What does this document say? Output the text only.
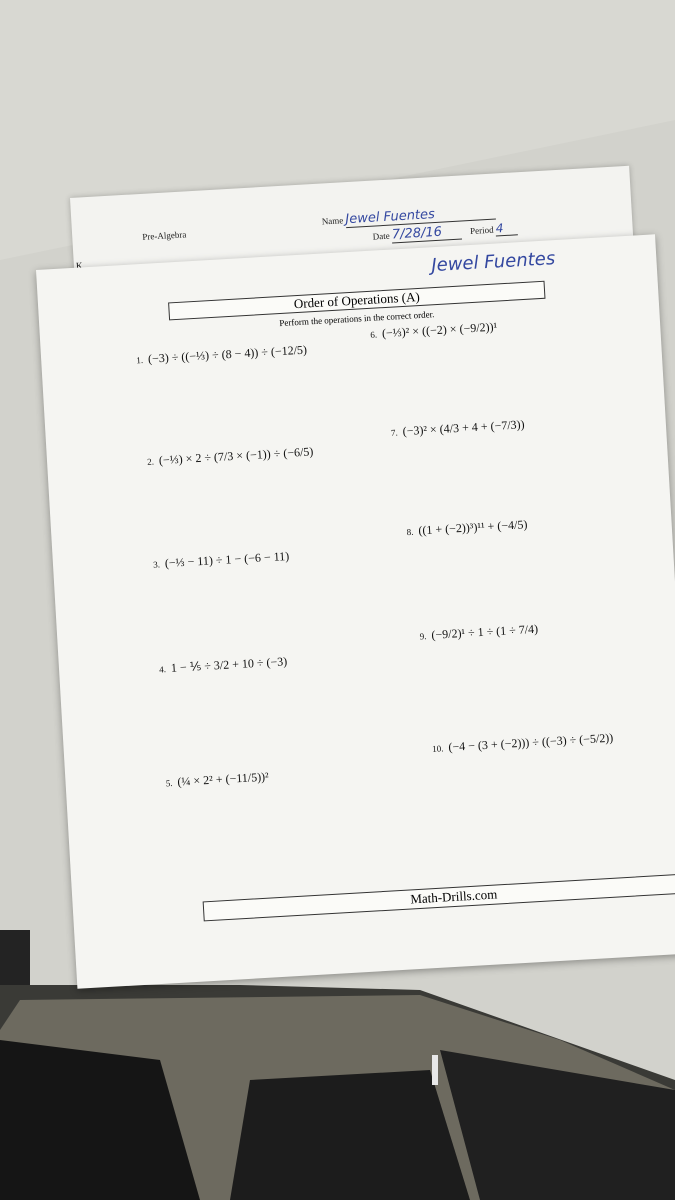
Pre-Algebra
Name Jewel Fuentes
Date 7/28/16	Period 4
K	Jewel Fuentes
Order of Operations (A)
Perform the operations in the correct order.
1. (−3) ÷ ((−⅓) ÷ (8 − 4)) ÷ (−12/5)
2. (−⅓) × 2 ÷ (7/3 × (−1)) ÷ (−6/5)
3. (−⅓ − 11) ÷ 1 − (−6 − 11)
4. 1 − ⅕ ÷ 3/2 + 10 ÷ (−3)
5. (¼ × 2² + (−11/5))²
6. (−⅓)² × ((−2) × (−9/2))¹
7. (−3)² × (4/3 + 4 + (−7/3))
8. ((1 + (−2))³)¹¹ + (−4/5)
9. (−9/2)¹ ÷ 1 ÷ (1 ÷ 7/4)
10. (−4 − (3 + (−2))) ÷ ((−3) ÷ (−5/2))
Math-Drills.com
